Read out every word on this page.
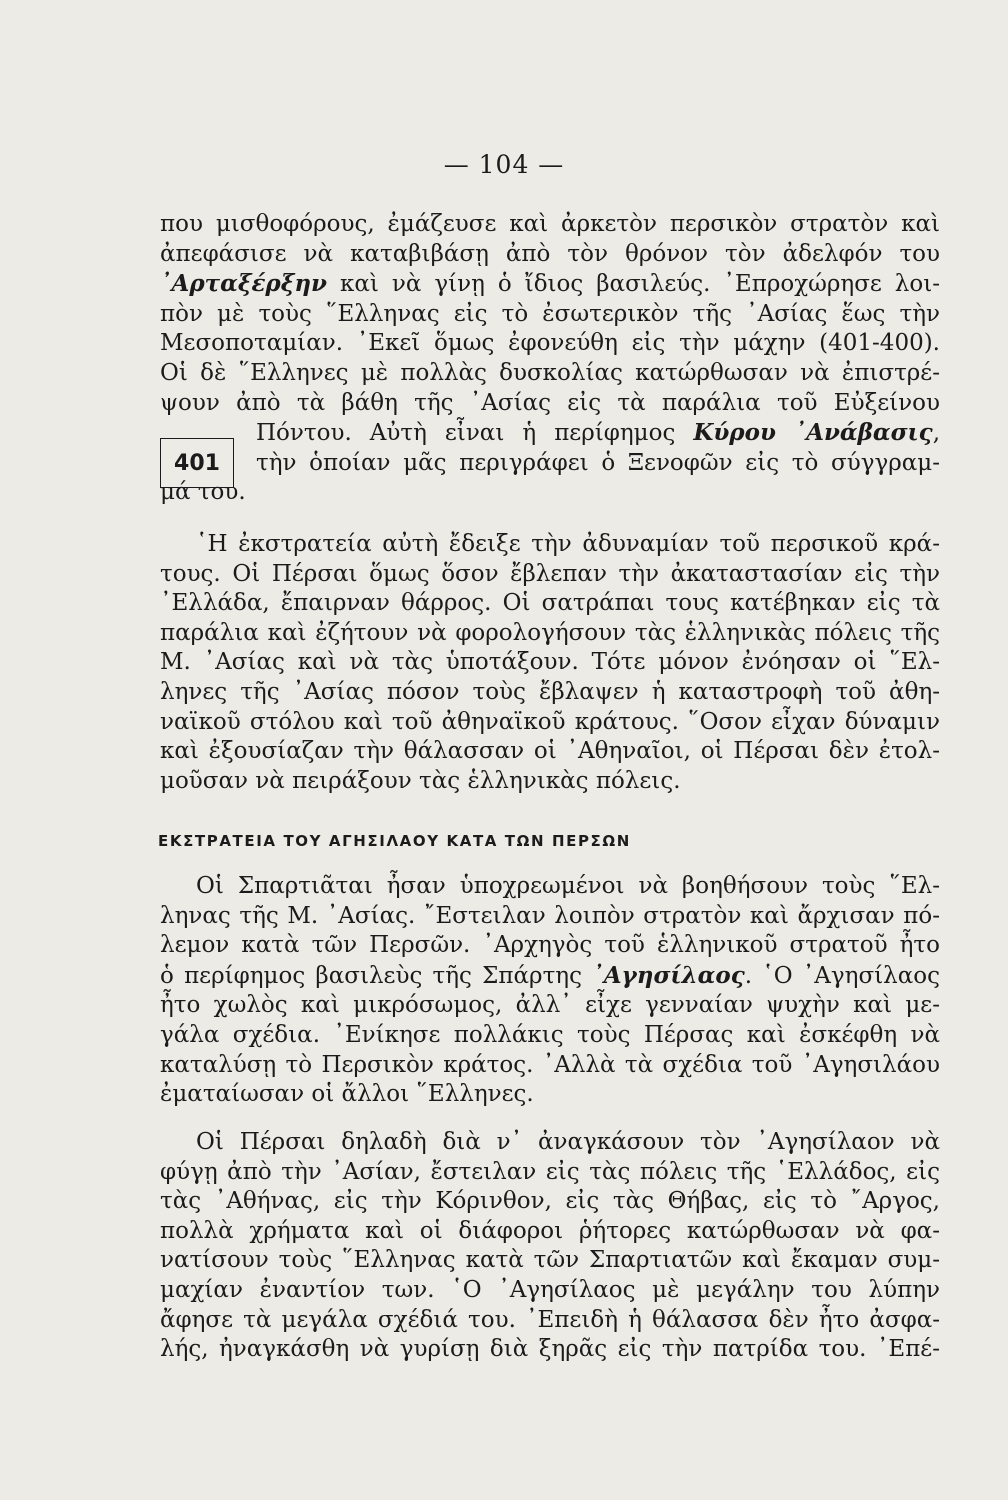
— 104 —
που μισθοφόρους, ἐμάζευσε καὶ ἀρκετὸν περσικὸν στρατὸν καὶ
ἀπεφάσισε νὰ καταβιβάσῃ ἀπὸ τὸν θρόνον τὸν ἀδελφόν του
᾿Αρταξέρξην καὶ νὰ γίνῃ ὁ ἴδιος βασιλεύς. ᾿Επροχώρησε λοι-
πὸν μὲ τοὺς ῞Ελληνας εἰς τὸ ἐσωτερικὸν τῆς ᾿Ασίας ἕως τὴν
Μεσοποταμίαν. ᾿Εκεῖ ὅμως ἐφονεύθη εἰς τὴν μάχην (401-400).
Οἱ δὲ ῞Ελληνες μὲ πολλὰς δυσκολίας κατώρθωσαν νὰ ἐπιστρέ-
ψουν ἀπὸ τὰ βάθη τῆς ᾿Ασίας εἰς τὰ παράλια τοῦ Εὐξείνου
Πόντου. Αὐτὴ εἶναι ἡ περίφημος Κύρου ᾿Ανάβασις,
τὴν ὁποίαν μᾶς περιγράφει ὁ Ξενοφῶν εἰς τὸ σύγγραμ-
μά του.
401
῾Η ἐκστρατεία αὐτὴ ἔδειξε τὴν ἀδυναμίαν τοῦ περσικοῦ κρά-
τους. Οἱ Πέρσαι ὅμως ὅσον ἔβλεπαν τὴν ἀκαταστασίαν εἰς τὴν
᾿Ελλάδα, ἔπαιρναν θάρρος. Οἱ σατράπαι τους κατέβηκαν εἰς τὰ
παράλια καὶ ἐζήτουν νὰ φορολογήσουν τὰς ἑλληνικὰς πόλεις τῆς
Μ. ᾿Ασίας καὶ νὰ τὰς ὑποτάξουν. Τότε μόνον ἐνόησαν οἱ ῞Ελ-
ληνες τῆς ᾿Ασίας πόσον τοὺς ἔβλαψεν ἡ καταστροφὴ τοῦ ἀθη-
ναϊκοῦ στόλου καὶ τοῦ ἀθηναϊκοῦ κράτους. ῞Οσον εἶχαν δύναμιν
καὶ ἐξουσίαζαν τὴν θάλασσαν οἱ ᾿Αθηναῖοι, οἱ Πέρσαι δὲν ἐτολ-
μοῦσαν νὰ πειράξουν τὰς ἑλληνικὰς πόλεις.
ΕΚΣΤΡΑΤΕΙΑ ΤΟΥ ΑΓΗΣΙΛΑΟΥ ΚΑΤΑ ΤΩΝ ΠΕΡΣΩΝ
Οἱ Σπαρτιᾶται ἦσαν ὑποχρεωμένοι νὰ βοηθήσουν τοὺς ῞Ελ-
ληνας τῆς Μ. ᾿Ασίας. ῎Εστειλαν λοιπὸν στρατὸν καὶ ἄρχισαν πό-
λεμον κατὰ τῶν Περσῶν. ᾿Αρχηγὸς τοῦ ἑλληνικοῦ στρατοῦ ἦτο
ὁ περίφημος βασιλεὺς τῆς Σπάρτης ᾿Αγησίλαος. ῾Ο ᾿Αγησίλαος
ἦτο χωλὸς καὶ μικρόσωμος, ἀλλ᾿ εἶχε γενναίαν ψυχὴν καὶ με-
γάλα σχέδια. ᾿Ενίκησε πολλάκις τοὺς Πέρσας καὶ ἐσκέφθη νὰ
καταλύσῃ τὸ Περσικὸν κράτος. ᾿Αλλὰ τὰ σχέδια τοῦ ᾿Αγησιλάου
ἐματαίωσαν οἱ ἄλλοι ῞Ελληνες.
Οἱ Πέρσαι δηλαδὴ διὰ ν᾿ ἀναγκάσουν τὸν ᾿Αγησίλαον νὰ
φύγῃ ἀπὸ τὴν ᾿Ασίαν, ἔστειλαν εἰς τὰς πόλεις τῆς ῾Ελλάδος, εἰς
τὰς ᾿Αθήνας, εἰς τὴν Κόρινθον, εἰς τὰς Θήβας, εἰς τὸ ῎Αργος,
πολλὰ χρήματα καὶ οἱ διάφοροι ῥήτορες κατώρθωσαν νὰ φα-
νατίσουν τοὺς ῞Ελληνας κατὰ τῶν Σπαρτιατῶν καὶ ἔκαμαν συμ-
μαχίαν ἐναντίον των. ῾Ο ᾿Αγησίλαος μὲ μεγάλην του λύπην
ἄφησε τὰ μεγάλα σχέδιά του. ᾿Επειδὴ ἡ θάλασσα δὲν ἦτο ἀσφα-
λής, ἠναγκάσθη νὰ γυρίσῃ διὰ ξηρᾶς εἰς τὴν πατρίδα του. ᾿Επέ-
